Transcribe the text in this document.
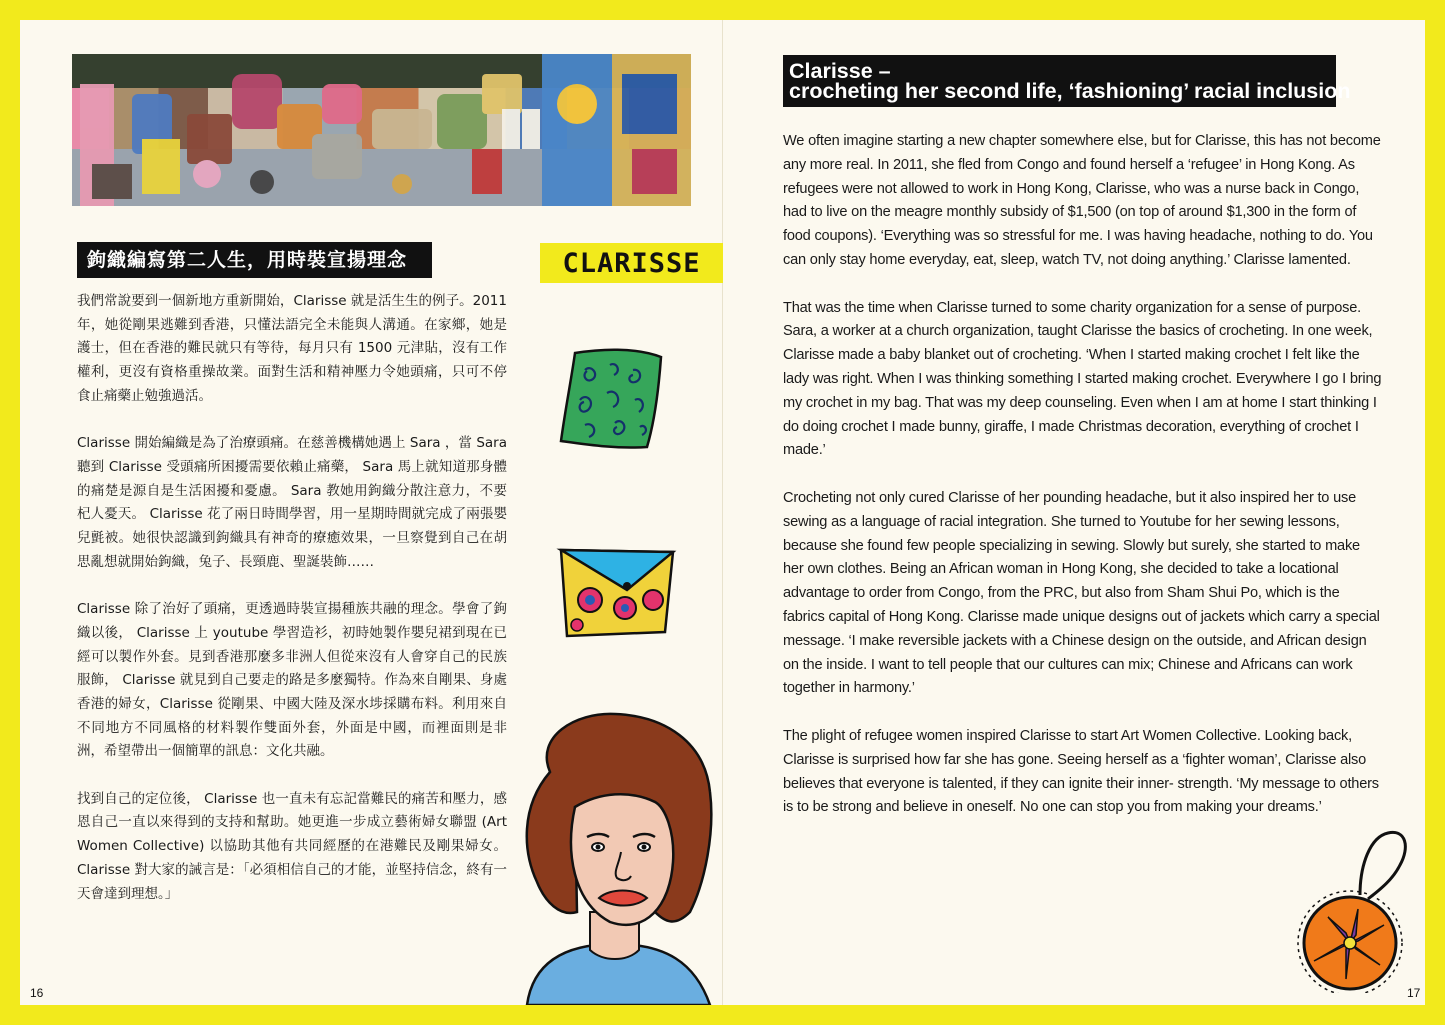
鉤織編寫第二人生，用時裝宣揚理念	CLARISSE

我們常說要到一個新地方重新開始，Clarisse 就是活生生的例子。2011 年，她從剛果逃難到香港，只懂法語完全未能與人溝通。在家鄉，她是護士，但在香港的難民就只有等待，每月只有 1500 元津貼，沒有工作權利，更沒有資格重操故業。面對生活和精神壓力令她頭痛，只可不停食止痛藥止勉強過活。

Clarisse 開始編織是為了治療頭痛。在慈善機構她遇上 Sara ，當 Sara 聽到 Clarisse 受頭痛所困擾需要依賴止痛藥， Sara 馬上就知道那身體的痛楚是源自是生活困擾和憂慮。 Sara 教她用鉤織分散注意力，不要杞人憂天。 Clarisse 花了兩日時間學習，用一星期時間就完成了兩張嬰兒氈被。她很快認識到鉤織具有神奇的療癒效果，一旦察覺到自己在胡思亂想就開始鉤織，兔子、長頸鹿、聖誕裝飾……

Clarisse 除了治好了頭痛，更透過時裝宣揚種族共融的理念。學會了鉤織以後， Clarisse 上 youtube 學習造衫，初時她製作嬰兒裙到現在已經可以製作外套。見到香港那麼多非洲人但從來沒有人會穿自己的民族服飾， Clarisse 就見到自己要走的路是多麼獨特。作為來自剛果、身處香港的婦女，Clarisse 從剛果、中國大陸及深水埗採購布料。利用來自不同地方不同風格的材料製作雙面外套，外面是中國，而裡面則是非洲，希望帶出一個簡單的訊息：文化共融。

找到自己的定位後， Clarisse 也一直未有忘記當難民的痛苦和壓力，感恩自己一直以來得到的支持和幫助。她更進一步成立藝術婦女聯盟 (Art Women Collective) 以協助其他有共同經歷的在港難民及剛果婦女。 Clarisse 對大家的誡言是：「必須相信自己的才能，並堅持信念，終有一天會達到理想。」

16
Clarisse –
crocheting her second life, ‘fashioning’ racial inclusion

We often imagine starting a new chapter somewhere else, but for Clarisse, this has not become any more real. In 2011, she fled from Congo and found herself a ‘refugee’ in Hong Kong. As refugees were not allowed to work in Hong Kong, Clarisse, who was a nurse back in Congo, had to live on the meagre monthly subsidy of $1,500 (on top of around $1,300 in the form of food coupons). ‘Everything was so stressful for me. I was having headache, nothing to do. You can only stay home everyday, eat, sleep, watch TV, not doing anything.’ Clarisse lamented.

That was the time when Clarisse turned to some charity organization for a sense of purpose. Sara, a worker at a church organization, taught Clarisse the basics of crocheting. In one week, Clarisse made a baby blanket out of crocheting. ‘When I started making crochet I felt like the lady was right. When I was thinking something I started making crochet. Everywhere I go I bring my crochet in my bag. That was my deep counseling. Even when I am at home I start thinking I do doing crochet I made bunny, giraffe, I made Christmas decoration, everything of crochet I made.’

Crocheting not only cured Clarisse of her pounding headache, but it also inspired her to use sewing as a language of racial integration. She turned to Youtube for her sewing lessons, because she found few people specializing in sewing. Slowly but surely, she started to make her own clothes. Being an African woman in Hong Kong, she decided to take a locational advantage to order from Congo, from the PRC, but also from Sham Shui Po, which is the fabrics capital of Hong Kong. Clarisse made unique designs out of jackets which carry a special message. ‘I make reversible jackets with a Chinese design on the outside, and African design on the inside. I want to tell people that our cultures can mix; Chinese and Africans can work together in harmony.’

The plight of refugee women inspired Clarisse to start Art Women Collective. Looking back, Clarisse is surprised how far she has gone. Seeing herself as a ‘fighter woman’, Clarisse also believes that everyone is talented, if they can ignite their inner- strength. ‘My message to others is to be strong and believe in oneself. No one can stop you from making your dreams.’

17
